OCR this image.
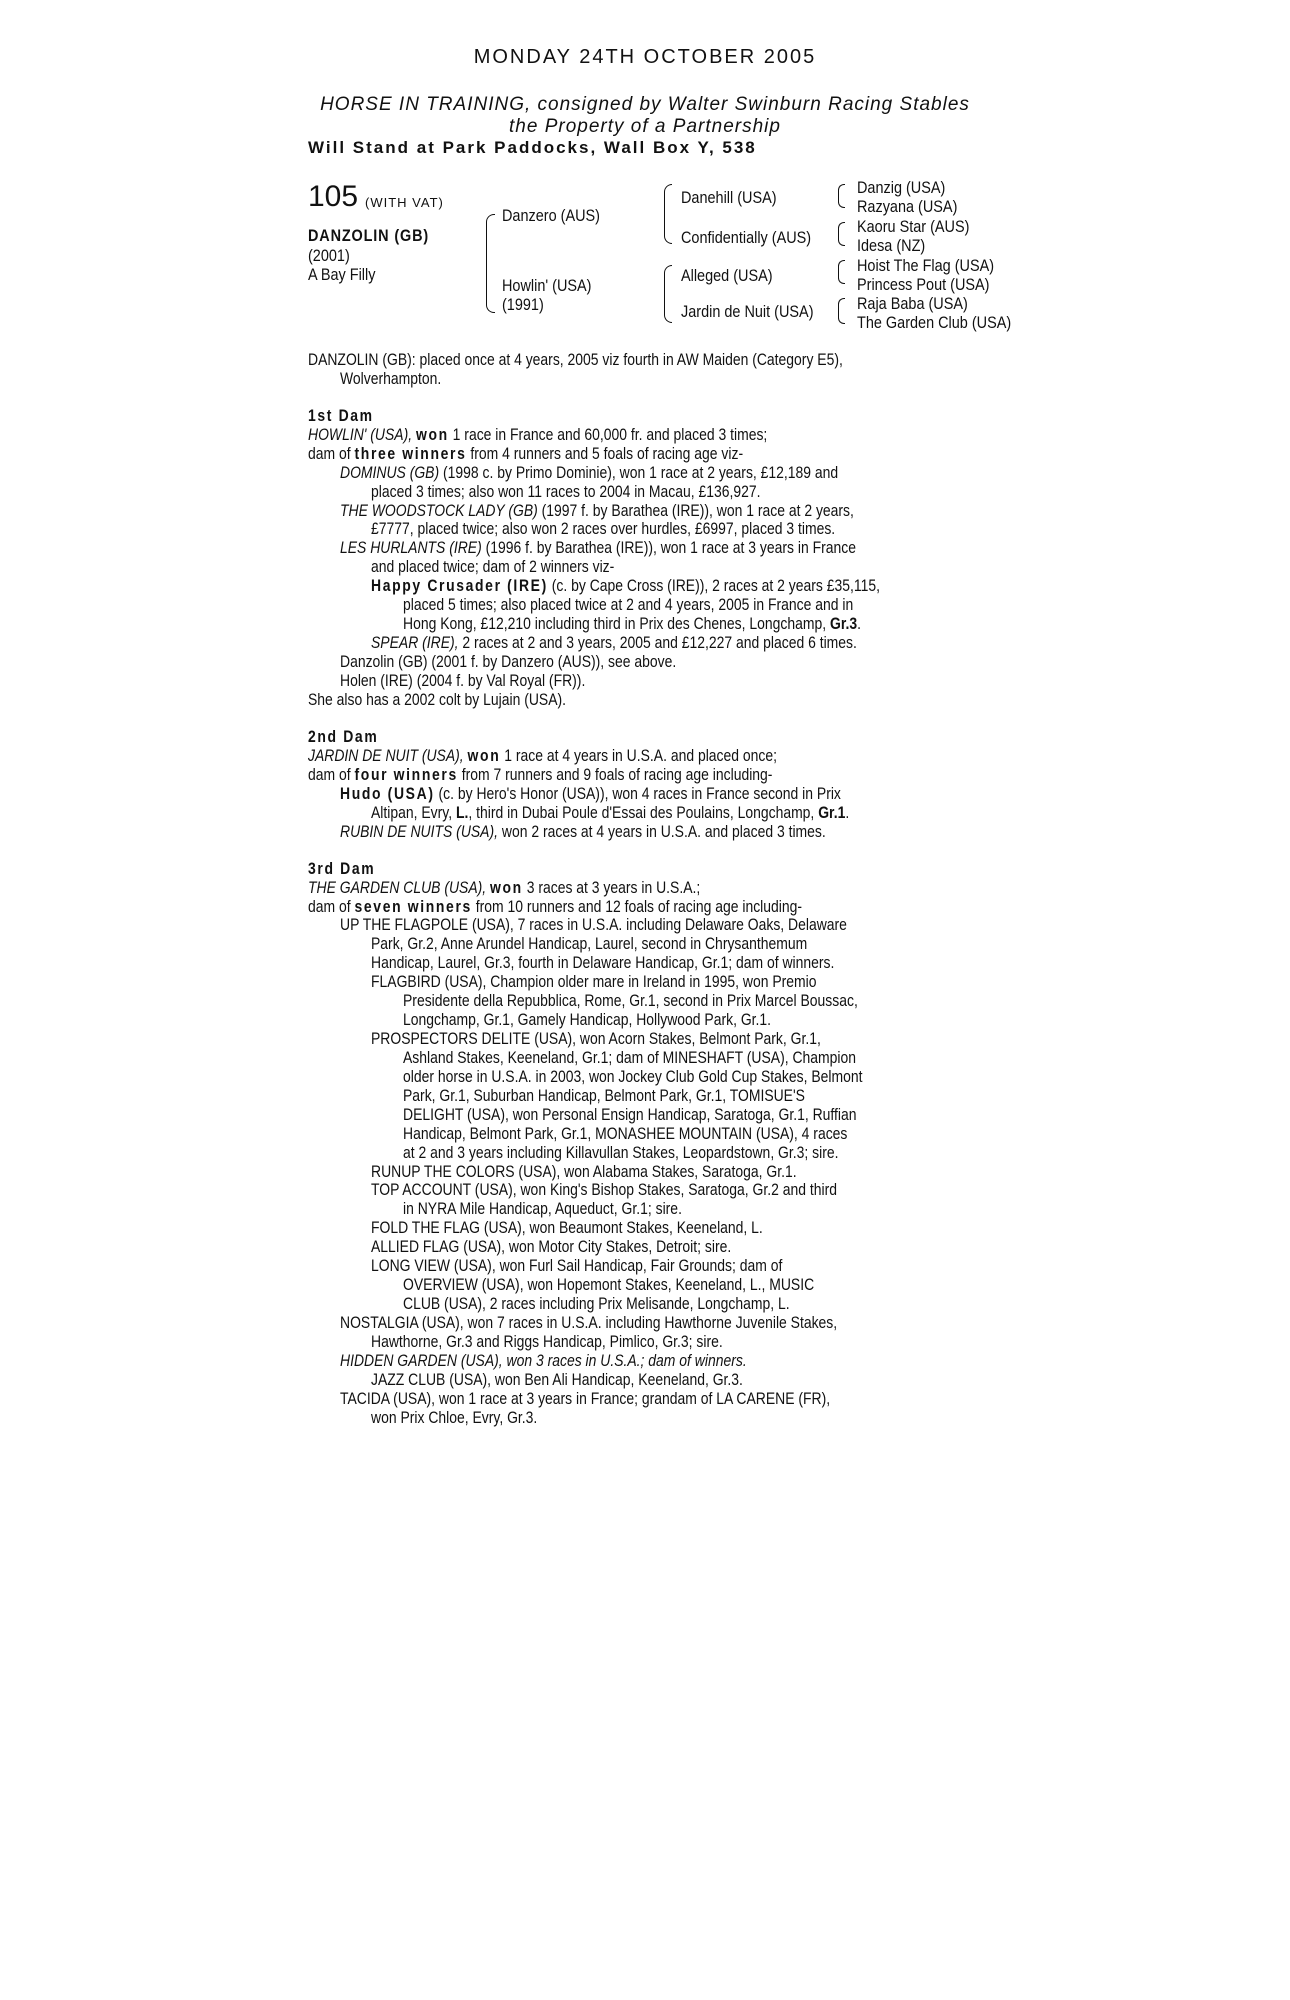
MONDAY 24TH OCTOBER 2005
HORSE IN TRAINING, consigned by Walter Swinburn Racing Stables
the Property of a Partnership
Will Stand at Park Paddocks, Wall Box Y, 538
105 (WITH VAT)
DANZOLIN (GB)
(2001)
A Bay Filly
Danzero (AUS)
Howlin' (USA)
(1991)
Danehill (USA)
Confidentially (AUS)
Alleged (USA)
Jardin de Nuit (USA)
Danzig (USA)
Razyana (USA)
Kaoru Star (AUS)
Idesa (NZ)
Hoist The Flag (USA)
Princess Pout (USA)
Raja Baba (USA)
The Garden Club (USA)
DANZOLIN (GB): placed once at 4 years, 2005 viz fourth in AW Maiden (Category E5),
Wolverhampton.
1st Dam
HOWLIN' (USA), won 1 race in France and 60,000 fr. and placed 3 times;
dam of three winners from 4 runners and 5 foals of racing age viz-
DOMINUS (GB) (1998 c. by Primo Dominie), won 1 race at 2 years, £12,189 and
placed 3 times; also won 11 races to 2004 in Macau, £136,927.
THE WOODSTOCK LADY (GB) (1997 f. by Barathea (IRE)), won 1 race at 2 years,
£7777, placed twice; also won 2 races over hurdles, £6997, placed 3 times.
LES HURLANTS (IRE) (1996 f. by Barathea (IRE)), won 1 race at 3 years in France
and placed twice; dam of 2 winners viz-
Happy Crusader (IRE) (c. by Cape Cross (IRE)), 2 races at 2 years £35,115,
placed 5 times; also placed twice at 2 and 4 years, 2005 in France and in
Hong Kong, £12,210 including third in Prix des Chenes, Longchamp, Gr.3.
SPEAR (IRE), 2 races at 2 and 3 years, 2005 and £12,227 and placed 6 times.
Danzolin (GB) (2001 f. by Danzero (AUS)), see above.
Holen (IRE) (2004 f. by Val Royal (FR)).
She also has a 2002 colt by Lujain (USA).
2nd Dam
JARDIN DE NUIT (USA), won 1 race at 4 years in U.S.A. and placed once;
dam of four winners from 7 runners and 9 foals of racing age including-
Hudo (USA) (c. by Hero's Honor (USA)), won 4 races in France second in Prix
Altipan, Evry, L., third in Dubai Poule d'Essai des Poulains, Longchamp, Gr.1.
RUBIN DE NUITS (USA), won 2 races at 4 years in U.S.A. and placed 3 times.
3rd Dam
THE GARDEN CLUB (USA), won 3 races at 3 years in U.S.A.;
dam of seven winners from 10 runners and 12 foals of racing age including-
UP THE FLAGPOLE (USA), 7 races in U.S.A. including Delaware Oaks, Delaware
Park, Gr.2, Anne Arundel Handicap, Laurel, second in Chrysanthemum
Handicap, Laurel, Gr.3, fourth in Delaware Handicap, Gr.1; dam of winners.
FLAGBIRD (USA), Champion older mare in Ireland in 1995, won Premio
Presidente della Repubblica, Rome, Gr.1, second in Prix Marcel Boussac,
Longchamp, Gr.1, Gamely Handicap, Hollywood Park, Gr.1.
PROSPECTORS DELITE (USA), won Acorn Stakes, Belmont Park, Gr.1,
Ashland Stakes, Keeneland, Gr.1; dam of MINESHAFT (USA), Champion
older horse in U.S.A. in 2003, won Jockey Club Gold Cup Stakes, Belmont
Park, Gr.1, Suburban Handicap, Belmont Park, Gr.1, TOMISUE'S
DELIGHT (USA), won Personal Ensign Handicap, Saratoga, Gr.1, Ruffian
Handicap, Belmont Park, Gr.1, MONASHEE MOUNTAIN (USA), 4 races
at 2 and 3 years including Killavullan Stakes, Leopardstown, Gr.3; sire.
RUNUP THE COLORS (USA), won Alabama Stakes, Saratoga, Gr.1.
TOP ACCOUNT (USA), won King's Bishop Stakes, Saratoga, Gr.2 and third
in NYRA Mile Handicap, Aqueduct, Gr.1; sire.
FOLD THE FLAG (USA), won Beaumont Stakes, Keeneland, L.
ALLIED FLAG (USA), won Motor City Stakes, Detroit; sire.
LONG VIEW (USA), won Furl Sail Handicap, Fair Grounds; dam of
OVERVIEW (USA), won Hopemont Stakes, Keeneland, L., MUSIC
CLUB (USA), 2 races including Prix Melisande, Longchamp, L.
NOSTALGIA (USA), won 7 races in U.S.A. including Hawthorne Juvenile Stakes,
Hawthorne, Gr.3 and Riggs Handicap, Pimlico, Gr.3; sire.
HIDDEN GARDEN (USA), won 3 races in U.S.A.; dam of winners.
JAZZ CLUB (USA), won Ben Ali Handicap, Keeneland, Gr.3.
TACIDA (USA), won 1 race at 3 years in France; grandam of LA CARENE (FR),
won Prix Chloe, Evry, Gr.3.
